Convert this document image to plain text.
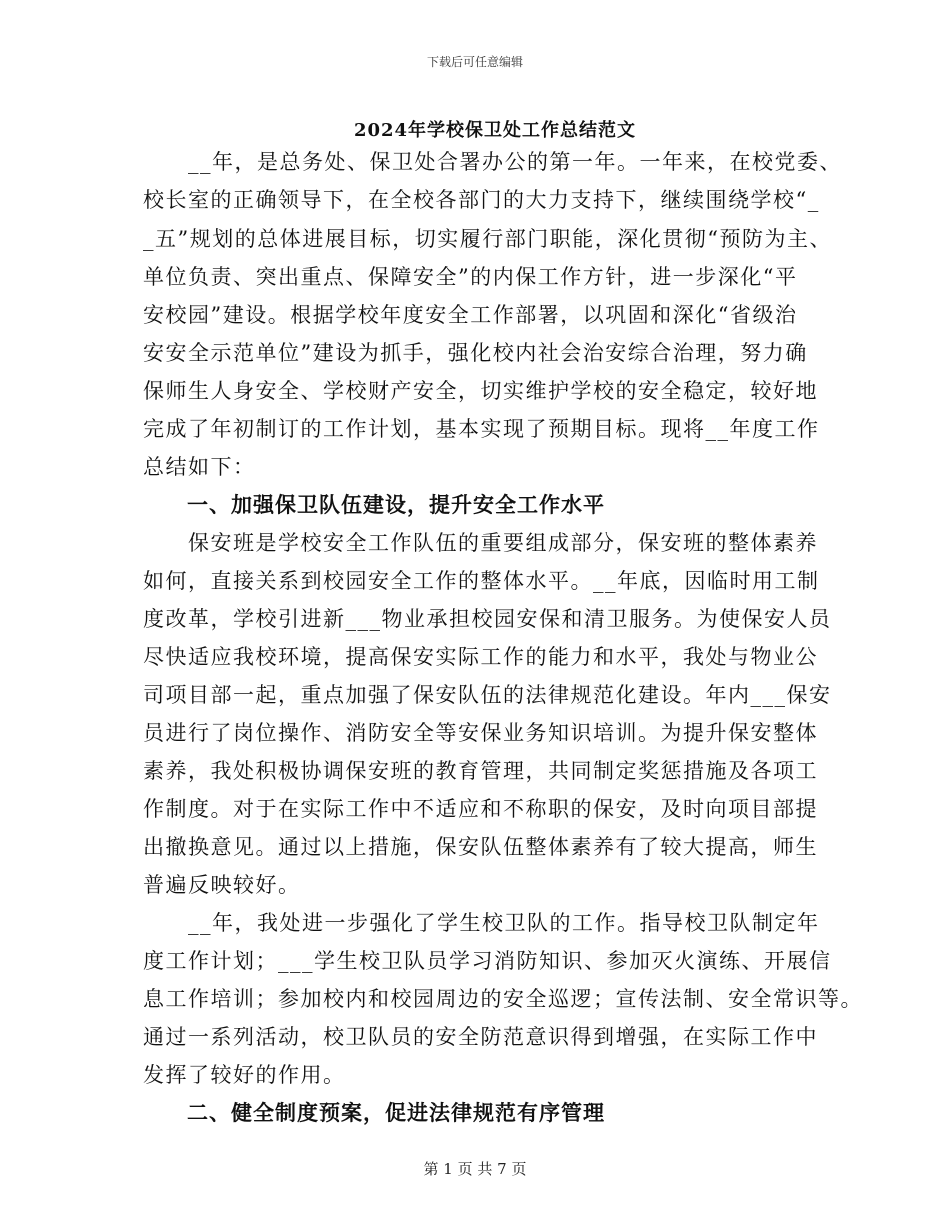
下载后可任意编辑
2024年学校保卫处工作总结范文
　　__年，是总务处、保卫处合署办公的第一年。一年来，在校党委、
校长室的正确领导下，在全校各部门的大力支持下，继续围绕学校“_
_五”规划的总体进展目标，切实履行部门职能，深化贯彻“预防为主、
单位负责、突出重点、保障安全”的内保工作方针，进一步深化“平
安校园”建设。根据学校年度安全工作部署，以巩固和深化“省级治
安安全示范单位”建设为抓手，强化校内社会治安综合治理，努力确
保师生人身安全、学校财产安全，切实维护学校的安全稳定，较好地
完成了年初制订的工作计划，基本实现了预期目标。现将__年度工作
总结如下：
　　一、加强保卫队伍建设，提升安全工作水平
　　保安班是学校安全工作队伍的重要组成部分，保安班的整体素养
如何，直接关系到校园安全工作的整体水平。__年底，因临时用工制
度改革，学校引进新___物业承担校园安保和清卫服务。为使保安人员
尽快适应我校环境，提高保安实际工作的能力和水平，我处与物业公
司项目部一起，重点加强了保安队伍的法律规范化建设。年内___保安
员进行了岗位操作、消防安全等安保业务知识培训。为提升保安整体
素养，我处积极协调保安班的教育管理，共同制定奖惩措施及各项工
作制度。对于在实际工作中不适应和不称职的保安，及时向项目部提
出撤换意见。通过以上措施，保安队伍整体素养有了较大提高，师生
普遍反映较好。
　　__年，我处进一步强化了学生校卫队的工作。指导校卫队制定年
度工作计划；___学生校卫队员学习消防知识、参加灭火演练、开展信
息工作培训；参加校内和校园周边的安全巡逻；宣传法制、安全常识等。
通过一系列活动，校卫队员的安全防范意识得到增强，在实际工作中
发挥了较好的作用。
　　二、健全制度预案，促进法律规范有序管理
第 1 页 共 7 页
